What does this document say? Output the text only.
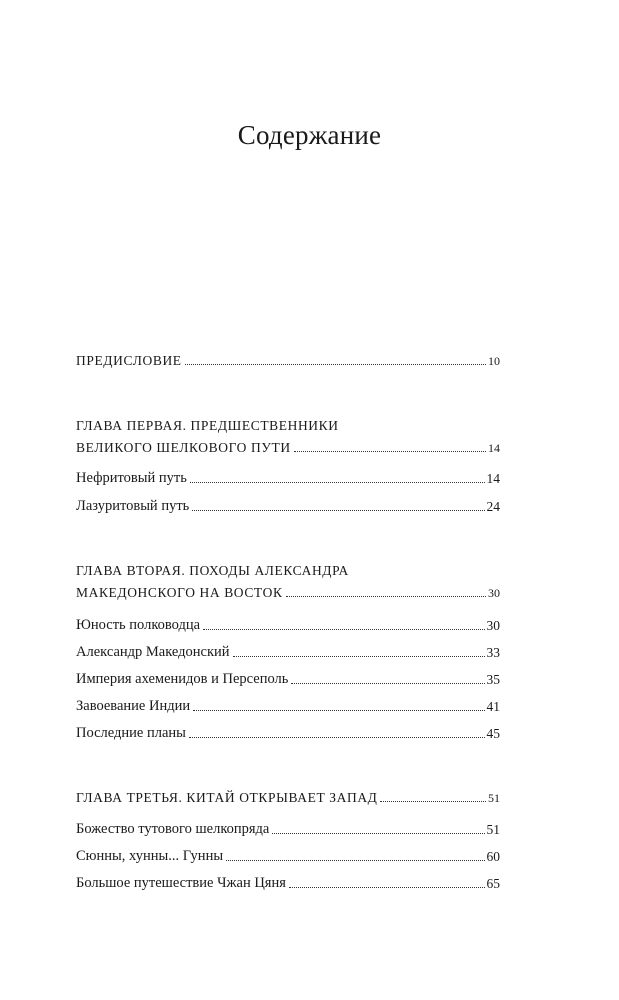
Содержание
ПРЕДИСЛОВИЕ	10
ГЛАВА ПЕРВАЯ. ПРЕДШЕСТВЕННИКИ
ВЕЛИКОГО ШЕЛКОВОГО ПУТИ	14
Нефритовый путь	14
Лазуритовый путь	24
ГЛАВА ВТОРАЯ. ПОХОДЫ АЛЕКСАНДРА
МАКЕДОНСКОГО НА ВОСТОК	30
Юность полководца	30
Александр Македонский	33
Империя ахеменидов и Персеполь	35
Завоевание Индии	41
Последние планы	45
ГЛАВА ТРЕТЬЯ. КИТАЙ ОТКРЫВАЕТ ЗАПАД	51
Божество тутового шелкопряда	51
Сюнны, хунны... Гунны	60
Большое путешествие Чжан Цяня	65
